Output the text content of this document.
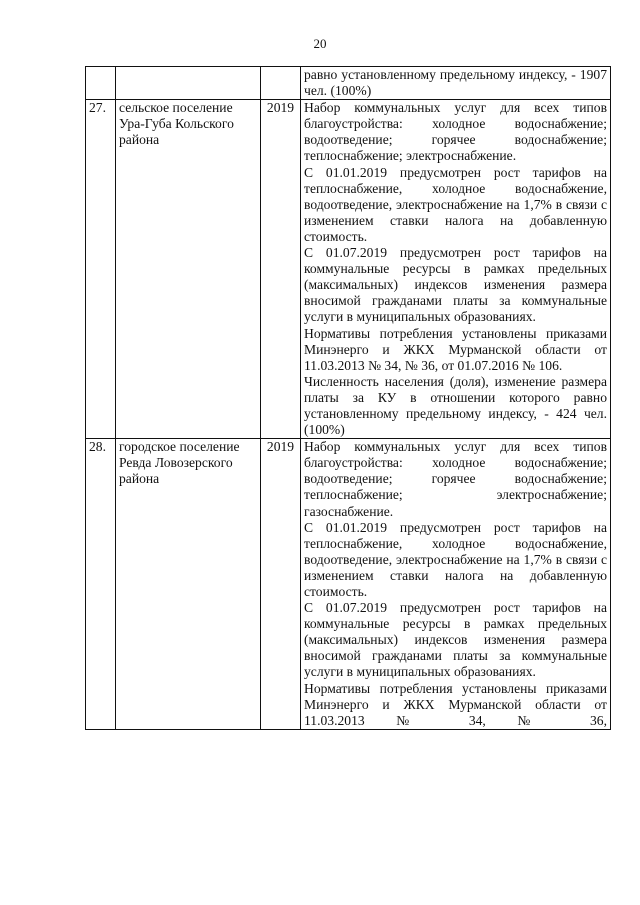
20

			равно установленному предельному индексу, - 1907 чел. (100%)

27.	сельское поселение Ура-Губа Кольского района	2019	Набор коммунальных услуг для всех типов благоустройства: холодное водоснабжение; водоотведение; горячее водоснабжение; теплоснабжение; электроснабжение.

С 01.01.2019 предусмотрен рост тарифов на теплоснабжение, холодное водоснабжение, водоотведение, электроснабжение на 1,7% в связи с изменением ставки налога на добавленную стоимость.

С 01.07.2019 предусмотрен рост тарифов на коммунальные ресурсы в рамках предельных (максимальных) индексов изменения размера вносимой гражданами платы за коммунальные услуги в муниципальных образованиях.

Нормативы потребления установлены приказами Минэнерго и ЖКХ Мурманской области от 11.03.2013 № 34, № 36, от 01.07.2016 № 106.

Численность населения (доля), изменение размера платы за КУ в отношении которого равно установленному предельному индексу, - 424 чел. (100%)

28.	городское поселение Ревда Ловозерского района	2019	Набор коммунальных услуг для всех типов благоустройства: холодное водоснабжение; водоотведение; горячее водоснабжение; теплоснабжение; электроснабжение; газоснабжение.

С 01.01.2019 предусмотрен рост тарифов на теплоснабжение, холодное водоснабжение, водоотведение, электроснабжение на 1,7% в связи с изменением ставки налога на добавленную стоимость.

С 01.07.2019 предусмотрен рост тарифов на коммунальные ресурсы в рамках предельных (максимальных) индексов изменения размера вносимой гражданами платы за коммунальные услуги в муниципальных образованиях.

Нормативы потребления установлены приказами Минэнерго и ЖКХ Мурманской области от 11.03.2013 № 34, № 36,
